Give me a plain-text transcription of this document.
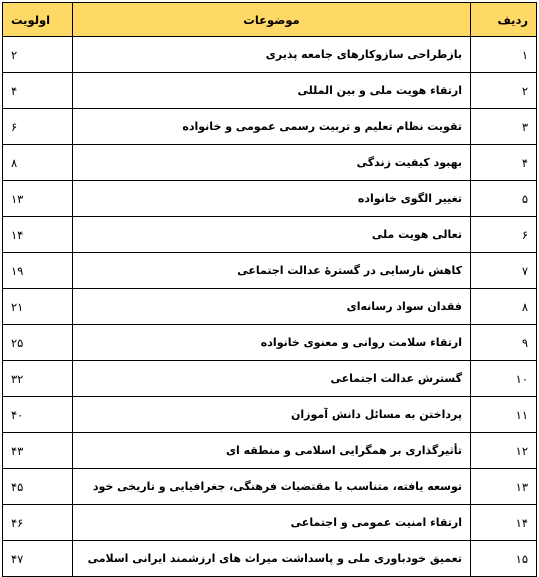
ردیف	موضوعات	اولویت
۱	بازطراحی سازوکارهای جامعه پذیری	۲
۲	ارتقاء هویت ملی و بین المللی	۴
۳	تقویت نظام تعلیم و تربیت رسمی عمومی و خانواده	۶
۴	بهبود کیفیت زندگی	۸
۵	تغییر الگوی خانواده	۱۳
۶	تعالی هویت ملی	۱۴
۷	کاهش نارسایی در گسترۀ عدالت اجتماعی	۱۹
۸	فقدان سواد رسانه‌ای	۲۱
۹	ارتقاء سلامت روانی و معنوی خانواده	۲۵
۱۰	گسترش عدالت اجتماعی	۳۲
۱۱	پرداختن به مسائل دانش آموزان	۴۰
۱۲	تأثیرگذاری بر همگرایی اسلامی و منطقه ای	۴۳
۱۳	توسعه یافته، متناسب با مقتضیات فرهنگی، جغرافیایی و تاریخی خود	۴۵
۱۴	ارتقاء امنیت عمومی و اجتماعی	۴۶
۱۵	تعمیق خودباوری ملی و پاسداشت میراث های ارزشمند ایرانی اسلامی	۴۷
